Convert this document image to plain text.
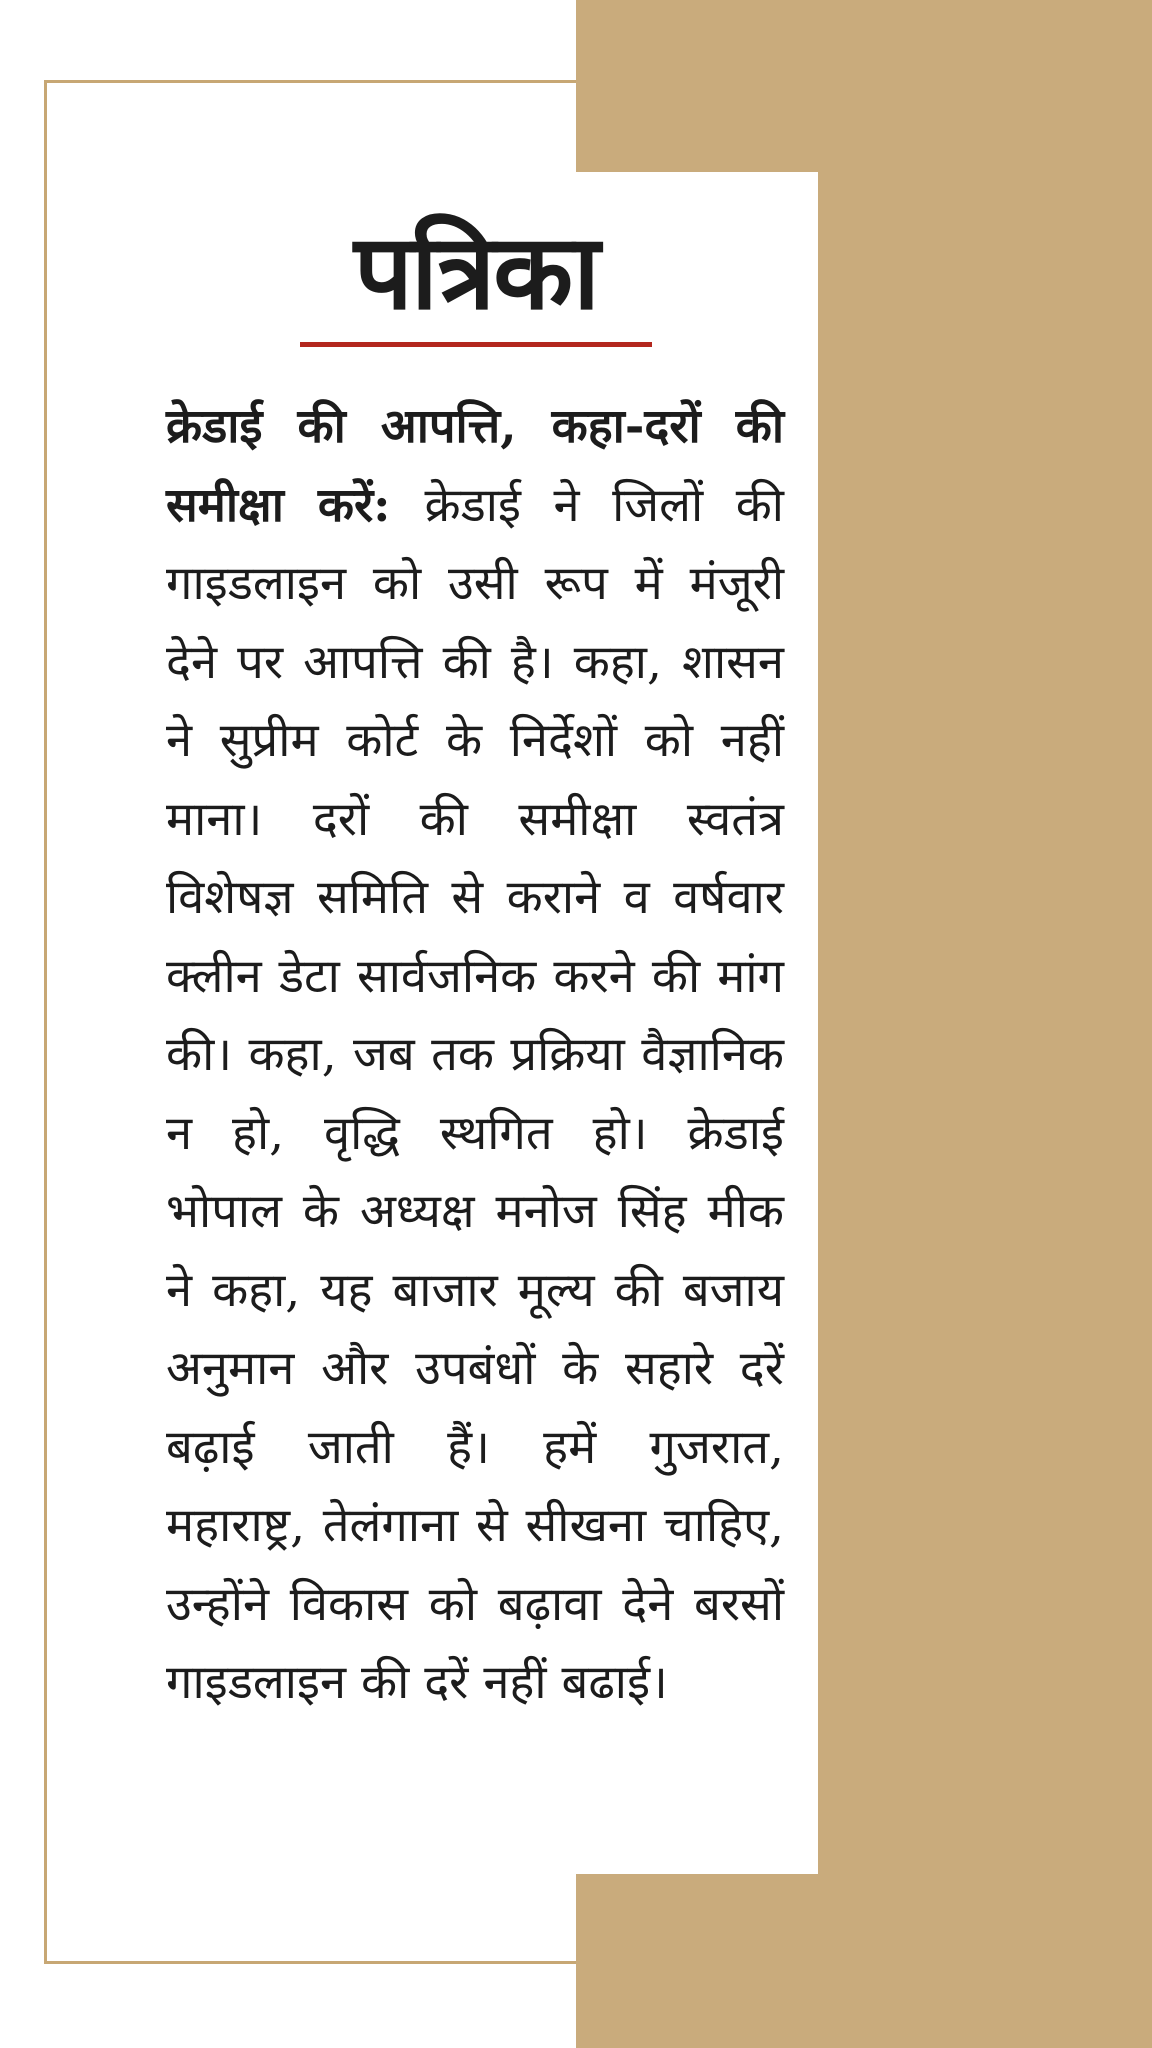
पत्रिका
क्रेडाई की आपत्ति, कहा-दरों की समीक्षा करें: क्रेडाई ने जिलों की गाइडलाइन को उसी रूप में मंजूरी देने पर आपत्ति की है। कहा, शासन ने सुप्रीम कोर्ट के निर्देशों को नहीं माना। दरों की समीक्षा स्वतंत्र विशेषज्ञ समिति से कराने व वर्षवार क्लीन डेटा सार्वजनिक करने की मांग की। कहा, जब तक प्रक्रिया वैज्ञानिक न हो, वृद्धि स्थगित हो। क्रेडाई भोपाल के अध्यक्ष मनोज सिंह मीक ने कहा, यह बाजार मूल्य की बजाय अनुमान और उपबंधों के सहारे दरें बढ़ाई जाती हैं। हमें गुजरात, महाराष्ट्र, तेलंगाना से सीखना चाहिए, उन्होंने विकास को बढ़ावा देने बरसों गाइडलाइन की दरें नहीं बढाई।
